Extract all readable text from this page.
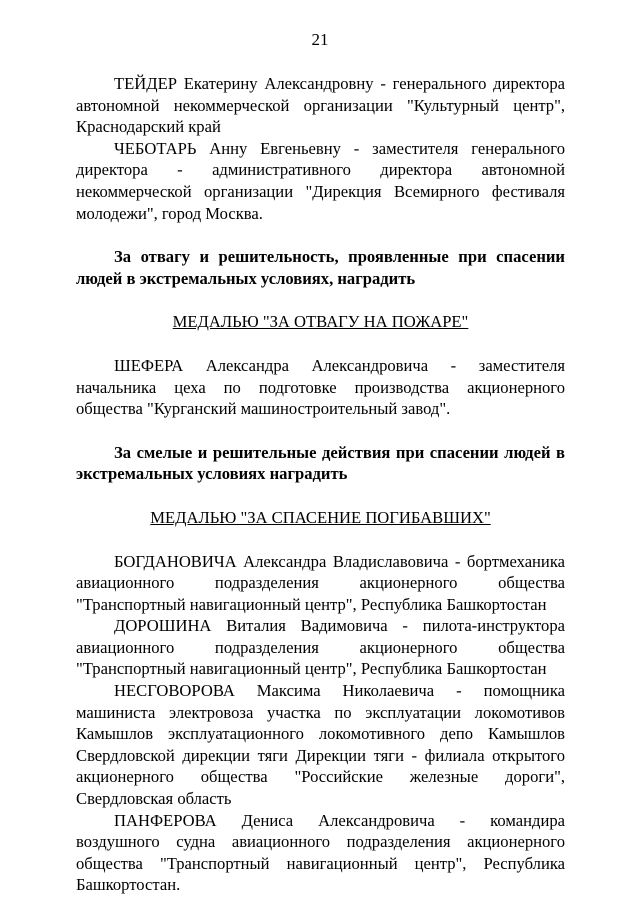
21

ТЕЙДЕР Екатерину Александровну - генерального директора автономной некоммерческой организации "Культурный центр", Краснодарский край

ЧЕБОТАРЬ Анну Евгеньевну - заместителя генерального директора - административного директора автономной некоммерческой организации "Дирекция Всемирного фестиваля молодежи", город Москва.

За отвагу и решительность, проявленные при спасении людей в экстремальных условиях, наградить

МЕДАЛЬЮ "ЗА ОТВАГУ НА ПОЖАРЕ"

ШЕФЕРА Александра Александровича - заместителя начальника цеха по подготовке производства акционерного общества "Курганский машиностроительный завод".

За смелые и решительные действия при спасении людей в экстремальных условиях наградить

МЕДАЛЬЮ "ЗА СПАСЕНИЕ ПОГИБАВШИХ"

БОГДАНОВИЧА Александра Владиславовича - бортмеханика авиационного подразделения акционерного общества "Транспортный навигационный центр", Республика Башкортостан

ДОРОШИНА Виталия Вадимовича - пилота-инструктора авиационного подразделения акционерного общества "Транспортный навигационный центр", Республика Башкортостан

НЕСГОВОРОВА Максима Николаевича - помощника машиниста электровоза участка по эксплуатации локомотивов Камышлов эксплуатационного локомотивного депо Камышлов Свердловской дирекции тяги Дирекции тяги - филиала открытого акционерного общества "Российские железные дороги", Свердловская область

ПАНФЕРОВА Дениса Александровича - командира воздушного судна авиационного подразделения акционерного общества "Транспортный навигационный центр", Республика Башкортостан.
